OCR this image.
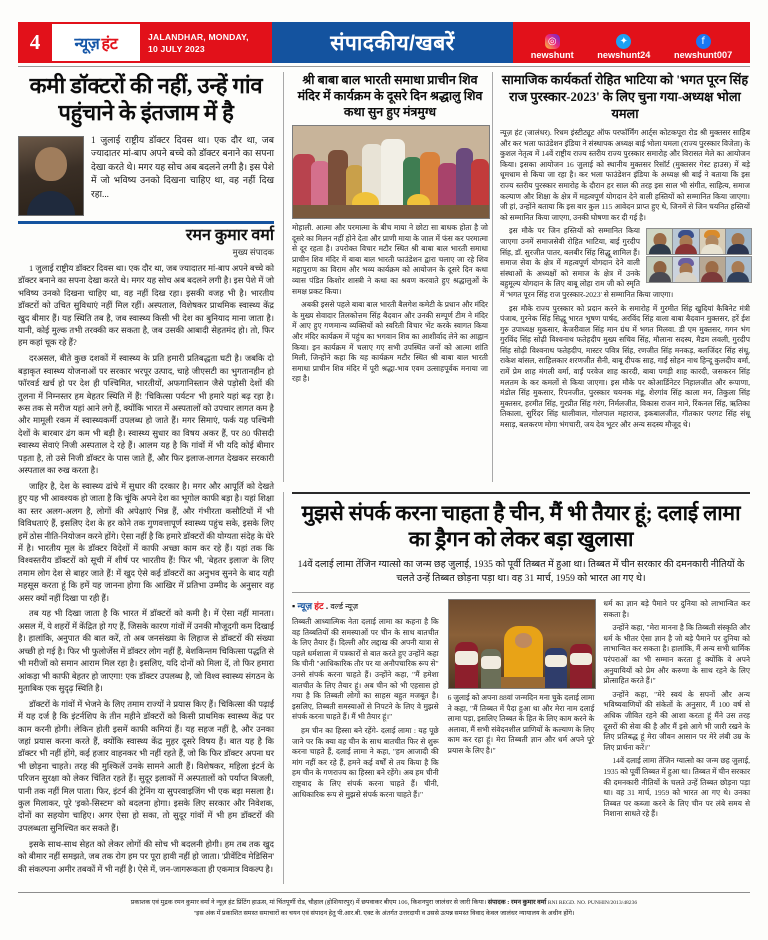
4	न्यूज़ हंट	JALANDHAR, MONDAY,
10 JULY 2023	संपादकीय/खबरें	◎
newshunt
✦
newshunt24
f
newshunt007
कमी डॉक्टरों की नहीं, उन्हें गांव पहुंचाने के इंतजाम में है
1 जुलाई राष्ट्रीय डॉक्टर दिवस था। एक दौर था, जब ज्यादातर मां-बाप अपने बच्चे को डॉक्टर बनाने का सपना देखा करते थे। मगर यह सोच अब बदलने लगी है। इस पेशे में जो भविष्य उनको दिखना चाहिए था, वह नहीं दिख रहा...
रमन कुमार वर्मा
मुख्य संपादक

1 जुलाई राष्ट्रीय डॉक्टर दिवस था। एक दौर था, जब ज्यादातर मां-बाप अपने बच्चे को डॉक्टर बनाने का सपना देखा करते थे। मगर यह सोच अब बदलने लगी है। इस पेशे में जो भविष्य उनको दिखना चाहिए था, वह नहीं दिख रहा। इसकी वजह भी है। भारतीय डॉक्टरों को उचित सुविधाएं नहीं मिल रहीं। अस्पताल, विशेषकर प्राथमिक स्वास्थ्य केंद्र खुद बीमार हैं। यह स्थिति तब है, जब स्वास्थ्य किसी भी देश का बुनियाद माना जाता है। यानी, कोई मुल्क तभी तरक्की कर सकता है, जब उसकी आबादी सेहतमंद हो। तो, फिर हम कहां चूक रहे हैं?

दरअसल, बीते कुछ दशकों में स्वास्थ्य के प्रति हमारी प्रतिबद्धता घटी है। जबकि दो बड़ाकृत स्वास्थ्य योजनाओं पर सरकार भरपूर उत्पाद, चाहे जीएसटी का भुगतानहीन हो फॉरवर्ड खर्च हो पर देश ही पश्चिमित, भारतीयों, अफगानिस्तान जैसे पड़ोसी देशों की तुलना में निम्नस्तर हम बेहतर स्थिति में हैं! 'चिकित्सा पर्यटन' भी हमारे यहां बढ़ रहा है। रूस तक से मरीज यहां आने लगे हैं, क्योंकि भारत में अस्पतालों को उपचार लागत कम है और मामूली रकम में स्वास्थ्यकर्मी उपलब्ध हो जाते हैं। मगर सिमाएं, फर्क यह पश्चिमी देशों के बारबार ढंग कम भी बड़ी है। स्वास्थ्य सुधार का विषय अकर हैं, पर 80 फीसदी स्वास्थ्य सेवाएं निजी अस्पताल दे रहे हैं। आलम यह है कि गांवों में भी यदि कोई बीमार पड़ता है, तो उसे निजी डॉक्टर के पास जाते हैं, और फिर इलाज-लागत देखकर सरकारी अस्पताल का रुख करता है।

जाहिर है, देश के स्वास्थ्य ढांचे में सुधार की दरकार है। मगर और आपूर्ति को देखते हुए यह भी आवश्यक हो जाता है कि चूंकि अपने देश का भूगोल काफी बड़ा है। यहां शिक्षा का स्तर अलग-अलग है, लोगों की अपेक्षाएं भिन्न हैं, और गंभीरता कसौटियों में भी विविधताएं हैं, इसलिए देश के हर कोने तक गुणवत्तापूर्ण स्वास्थ्य पहुंच सके, इसके लिए हमें ठोस नीति-नियोजन करने होंगे। ऐसा नहीं है कि हमारे डॉक्टरों की योग्यता संदेह के घेरे में है। भारतीय मूल के डॉक्टर विदेशों में काफी अच्छा काम कर रहे हैं। यहां तक कि विश्वस्तरीय डॉक्टरों को सूची में शीर्ष पर भारतीय हैं! फिर भी, 'बेहतर इलाज' के लिए तमाम लोग देश से बाहर जाते हैं! में खुद ऐसे कई डॉक्टरों का अनुभव सुनने के बाद यही महसूस करता हूं कि हमें यह जानना होगा कि आखिर में प्रतिभा उम्मीद के अनुसार वह असर क्यों नहीं दिखा पा रही हैं।

तब यह भी दिखा जाता है कि भारत में डॉक्टरों को कमी है। में ऐसा नहीं मानता। असल में, ये शहरों में केंद्रित हो गए हैं, जिसके कारण गांवों में उनकी मौजूदगी कम दिखाई है। हालांकि, अनुपात की बात करें, तो अब जनसंख्या के लिहाज से डॉक्टरों की संख्या अच्छी हो गई है। फिर भी फुलोर्जेस में डॉक्टर लोग नहीं हैं, बेशकिन्तम चिकित्सा पद्धति से भी मरीजों को समान आराम मिल रहा है। इसलिए, यदि दोनों को मिला दें, तो फिर हमारा आंकड़ा भी काफी बेहतर हो जाएगा! एक डॉक्टर उपलब्ध है, जो विश्व स्वास्थ्य संगठन के मुताबिक एक सुदृढ़ स्थिति है।

डॉक्टरों के गांवों में भेजने के लिए तमाम राज्यों ने प्रयास किए हैं। चिकित्सा की पढ़ाई में यह दर्ज है कि इंटर्नशिप के तीन महीने डॉक्टरों को किसी प्राथमिक स्वास्थ्य केंद्र पर काम करनी होगी। लेकिन होती इसमें काफी कमियां हैं। यह सहज नहीं है, और उनका जहां प्रयास करना करते हैं, क्योंकि स्वास्थ्य केंद्र मुहर दूसरे विषय हैं। बात यह है कि डॉक्टर भी नहीं होंगे, कई हजार वाहनकर भी नहीं रहते हैं, जो कि फिर डॉक्टर अपना घर भी छोड़ना चाहते। तरह की मुश्किलें उनके सामने आती हैं। विशेषकर, महिला इंटर्न के परिजन सुरक्षा को लेकर चिंतित रहते हैं। सुदूर इलाकों में अस्पतालों को पर्याप्त बिजली, पानी तक नहीं मिल पाता। फिर, इंटर्न की ट्रेनिंग या सुपरवाइजिंग भी एक बड़ा मसला है। कुल मिलाकर, पूरे 'इको-सिस्टम' को बदलना होगा। इसके लिए सरकार और निवेशक, दोनों का सहयोग चाहिए। अगर ऐसा हो सका, तो सुदूर गांवों में भी हम डॉक्टरों की उपलब्धता सुनिश्चित कर सकते हैं।

इसके साथ-साथ सेहत को लेकर लोगों की सोच भी बदलनी होगी। हम तब तक खुद को बीमार नहीं समझते, जब तक रोग हम पर पूरा हावी नहीं हो जाता। 'प्रीवेंटिव मेडिसिन' की संकल्पना अमीर तबकों में भी नहीं है। ऐसे में, जन-जागरूकता ही एकमात्र विकल्प है।

श्री बाबा बाल भारती समाधा प्राचीन शिव मंदिर में कार्यक्रम के दूसरे दिन श्रद्धालु शिव कथा सुन हुए मंत्रमुग्ध

मोहाली. आत्मा और परमात्मा के बीच माया ने छोटा सा बाधक होता है जो दूसरे का मिलन नहीं होने देता और प्राणी माया के जाल में फंस कर परमात्मा से दूर रहता है। उपरोक्त विचार मटौर स्थित श्री बाबा बाल भारती समाधा प्राचीन शिव मंदिर में बाबा बाल भारती फाउंडेशन द्वारा चलाए जा रहे शिव महापुराण का विराम और भव्य कार्यक्रम को आयोजन के दूसरे दिन कथा व्यास पंडित किशोर शास्त्री ने कथा का श्रवण करवाते हुए श्रद्धालुओं के समक्ष प्रकट किया।

अबकी इससे पहले बाबा बाल भारती बैलगेश कमेटी के प्रधान और मंदिर के मुख्य सेवादार तिलकोत्तम सिंह बैदवान और उनकी सम्पूर्ण टीम ने मंदिर में आए हुए गणमान्य व्यक्तियों को स्वरिती विचार भेंट करके स्वागत किया और मंदिर कार्यक्रम में पहुंच का भगवान शिव का आशीर्वाद लेने का आह्वान किया। इन कार्यक्रम में चलाए गए सभी उपस्थित जनों को आत्मा शांति मिली, जिन्होंने कहा कि यह कार्यक्रम मटौर स्थित श्री बाबा बाल भारती समाधा प्राचीन शिव मंदिर में पूरी श्रद्धा-भाव एवम उत्साहपूर्वक मनाया जा रहा है।

सामाजिक कार्यकर्ता रोहित भाटिया को 'भगत पूरन सिंह राज पुरस्कार-2023' के लिए चुना गया-अध्यक्ष भोला यमला

न्यूज़ हंट (जालंधर). रिधम इंस्टीट्यूट ऑफ परफॉर्मिंग आर्ट्स कोटकपूरा रोड श्री मुक्तसर साहिब और कर भला फाउंडेशन इंडिया ने संस्थापक अध्यक्ष बाई भोला यमला (राज्य पुरस्कार विजेता) के कुशल नेतृत्व में 14वें राष्ट्रीय राज्य स्तरीय राज्य पुरस्कार समारोह और विरासत मेले का आयोजन किया। इसका आयोजन 16 जुलाई को स्थानीय मुक्तसर रिसॉर्ट (मुक्तसर गेस्ट हाउस) में बड़े धूमधाम से किया जा रहा है। कर भला फाउंडेशन इंडिया के अध्यक्ष श्री बाई ने बताया कि इस राज्य स्तरीय पुरस्कार समारोह के दौरान हर साल की तरह इस साल भी संगीत, साहित्य, समाज कल्याण और शिक्षा के क्षेत्र में महत्वपूर्ण योगदान देने वाली हस्तियों को सम्मानित किया जाएगा। जी हां, उन्होंने बताया कि इस बार कुल 115 आवेदन प्राप्त हुए थे, जिनमें से जिन चयनित हस्तियों को सम्मानित किया जाएगा, उनकी घोषणा कर दी गई है।

इस मौके पर जिन हस्तियों को सम्मानित किया जाएगा उनमें समाजसेवी रोहित भाटिया, बाई गुरदीप सिंह, डॉ. सुरजीत पातर, बलबीर सिंह सिद्धू शामिल हैं। समाज सेवा के क्षेत्र में महत्वपूर्ण योगदान देने वाली संस्थाओं के अध्यक्षों को समाज के क्षेत्र में उनके बहुमूल्य योगदान के लिए बाबू लोहा राम जी को स्मृति में 'भगत पूरन सिंह राज पुरस्कार-2023' से सम्मानित किया जाएगा।

इस मौके राज्य पुरस्कार को प्रदान करने के समारोह में गुरमीत सिंह खुदियां कैबिनेट मंत्री पंजाब, गुरनेक सिंह सिद्धू भारत भूषण पार्षद, अरविंद सिंह वाला बाबा बैदवान मुक्तसर, हरें ईश गुरु उपाध्यक्ष मुकसार, केजरीवाल सिंह मान ग्रंथ में भगत मिलवा. डी एम मुक्तसर, गगन भंग गुरविंद सिंह सोढ़ी विश्वनाथ फतेहदीप मुख्य सचिव सिंह, मौलाना सदस्य, मैडम लवली, गुरदीप सिंह सोढ़ी विश्वनाथ फतेहदीप, मास्टर पवित्र सिंह, रणजीत सिंह मनकड़, बलजिंदर सिंह संधू, राकेश बांसल, साहिलकार शरणजीत सैनी, बाबू दीपक साह, गाईं सोहन नाथ हिन्दू कुलदीप वर्मा, रामें प्रेम शाह मंगली वर्मा, वाईं परवेज शाह कारदी, बाबा पगड़ी शाह कारदी, जसकरन सिंह मलतम के कर कमलों से किया जाएगा। इस मौके पर कोआर्डिनेटर निहालजीत और रूपाणा, मंडोल सिंह मुकसार, रिपनजीत, पुरस्कार चयनक मंडू, शेरगांव सिंह काला मन, तिकुला सिंह मुक्तसर, हरमीत सिंह, गुरप्रीत सिंह गरंग, निर्मलजीत, विकास राजन माने, रिंकनल सिंह, ऋतिका तिकाला, सुरिंदर सिंह धालीवाल, गोलपाल महाराज, इकबालजीत, गीतकार परगट सिंह संधू मसाड़, बलकरण मोगा भंगचारी, जय देव भूटर और अन्य सदस्य मौजूद थे।

मुझसे संपर्क करना चाहता है चीन, मैं भी तैयार हूं; दलाई लामा का ड्रैगन को लेकर बड़ा खुलासा
14वें दलाई लामा तेंजिन ग्यात्सो का जन्म छह जुलाई, 1935 को पूर्वी तिब्बत में हुआ था। तिब्बत में चीन सरकार की दमनकारी नीतियों के चलते उन्हें तिब्बत छोड़ना पड़ा था। वह 31 मार्च, 1959 को भारत आ गए थे।
▪ न्यूज़ हंट . वर्ल्ड न्यूज़

तिब्बती आध्यात्मिक नेता दलाई लामा का कहना है कि वह तिब्बतियों की समस्याओं पर चीन के साथ बातचीत के लिए तैयार हैं। दिल्ली और लद्दाख की अपनी यात्रा से पहले धर्मशाला में पत्रकारों से बात करते हुए उन्होंने कहा कि चीनी "आधिकारिक तौर पर या अनौपचारिक रूप से" उनसे संपर्क करना चाहते हैं। उन्होंने कहा, "मैं हमेशा बातचीत के लिए तैयार हूं। अब चीन को भी एहसास हो गया है कि तिब्बती लोगों का साहस बहुत मजबूत है। इसलिए, तिब्बती समस्याओं से निपटने के लिए वे मुझसे संपर्क करना चाहते हैं। मैं भी तैयार हूं।"

हम चीन का हिस्सा बने रहेंगे- दलाई लामा : यह पूछे जाने पर कि क्या वह चीन के साथ बातचीत फिर से शुरू करना चाहते हैं, दलाई लामा ने कहा, "हम आजादी की मांग नहीं कर रहे हैं, हमने कई वर्षों से तय किया है कि हम चीन के गणराज्य का हिस्सा बने रहेंगे। अब हम चीनी राष्ट्रवाद के लिए संपर्क करना चाहते हैं। चीनी, आधिकारिक रूप से मुझसे संपर्क करना चाहते हैं।"

6 जुलाई को अपना 88वां जन्मदिन मना चुके दलाई लामा ने कहा, "मैं तिब्बत में पैदा हुआ था और मेरा नाम दलाई लामा पड़ा, इसलिए तिब्बत के हित के लिए काम करने के अलावा, मैं सभी संवेदनशील प्राणियों के कल्याण के लिए काम कर रहा हूं। मेरा तिब्बती ज्ञान और धर्म अपने पूरे प्रयास के लिए है।"

धर्म का ज्ञान बड़े पैमाने पर दुनिया को लाभान्वित कर सकता है।

उन्होंने कहा, "मेरा मानना है कि तिब्बती संस्कृति और धर्म के भीतर ऐसा ज्ञान है जो बड़े पैमाने पर दुनिया को लाभान्वित कर सकता है। हालांकि, मैं अन्य सभी धार्मिक परंपराओं का भी सम्मान करता हूं क्योंकि वे अपने अनुयायियों को प्रेम और करुणा के साथ रहने के लिए प्रोत्साहित करते हैं।"

उन्होंने कहा, "मेरे स्वयं के सपनों और अन्य भविष्यवाणियों की संकेतों के अनुसार, मैं 100 वर्ष से अधिक जीवित रहने की आशा करता हूं मैंने उस तरह दूसरों की सेवा की है और मैं इसे आगे भी जारी रखने के लिए प्रतिबद्ध हूं मेरा जीवन आसान पर मेरे लंबी उम्र के लिए प्रार्थना करें।"

14वें दलाई लामा तेंजिन ग्यात्सो का जन्म छह जुलाई, 1935 को पूर्वी तिब्बत में हुआ था। तिब्बत में चीन सरकार की दमनकारी नीतियों के चलते उन्हें तिब्बत छोड़ना पड़ा था। वह 31 मार्च, 1959 को भारत आ गए थे। उनका तिब्बत पर कब्जा करने के लिए चीन पर लंबे समय से निशाना साधते रहे हैं।

प्रकाशक एवं मुद्रक रमन कुमार वर्मा ने न्यूज़ हंट प्रिंटिंग हाऊस, मां चिंतपूर्णी रोड, चौहाल (होशियारपुर) में छपवाकर बीएम 106, किशनपुरा जालंधर से जारी किया। संपादक : रमन कुमार वर्मा RNI REGD. NO. PUNHIN/2013/48236
"इस अंक में प्रकाशित समस्त समाचारों का चयन एवं संपादन हेतु पी.आर.बी. एक्ट के अंतर्गत उत्तरदायी व उससे उत्पन्न समस्त विवाद केवल जालंधर न्यायालय के अधीन होंगे।
